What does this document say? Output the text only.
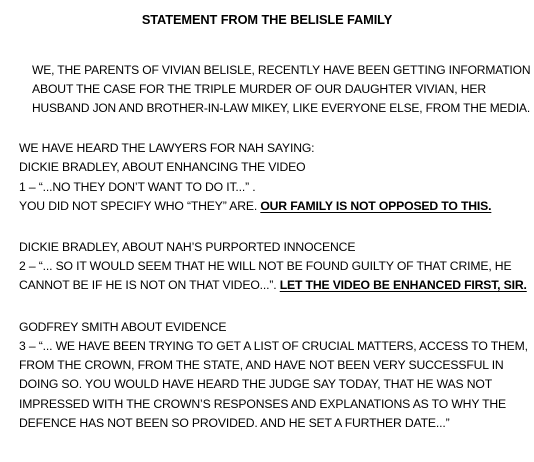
STATEMENT FROM THE BELISLE FAMILY
WE, THE PARENTS OF VIVIAN BELISLE, RECENTLY HAVE BEEN GETTING INFORMATION
ABOUT THE CASE FOR THE TRIPLE MURDER OF OUR DAUGHTER VIVIAN, HER
HUSBAND JON AND BROTHER-IN-LAW MIKEY, LIKE EVERYONE ELSE, FROM THE MEDIA.
WE HAVE HEARD THE LAWYERS FOR NAH SAYING:
DICKIE BRADLEY, ABOUT ENHANCING THE VIDEO
1 – “...NO THEY DON’T WANT TO DO IT...” .
YOU DID NOT SPECIFY WHO “THEY” ARE. OUR FAMILY IS NOT OPPOSED TO THIS.
DICKIE BRADLEY, ABOUT NAH’S PURPORTED INNOCENCE
2 – “... SO IT WOULD SEEM THAT HE WILL NOT BE FOUND GUILTY OF THAT CRIME, HE
CANNOT BE IF HE IS NOT ON THAT VIDEO...”. LET THE VIDEO BE ENHANCED FIRST, SIR.
GODFREY SMITH ABOUT EVIDENCE
3 – “... WE HAVE BEEN TRYING TO GET A LIST OF CRUCIAL MATTERS, ACCESS TO THEM,
FROM THE CROWN, FROM THE STATE, AND HAVE NOT BEEN VERY SUCCESSFUL IN
DOING SO. YOU WOULD HAVE HEARD THE JUDGE SAY TODAY, THAT HE WAS NOT
IMPRESSED WITH THE CROWN’S RESPONSES AND EXPLANATIONS AS TO WHY THE
DEFENCE HAS NOT BEEN SO PROVIDED. AND HE SET A FURTHER DATE...”
